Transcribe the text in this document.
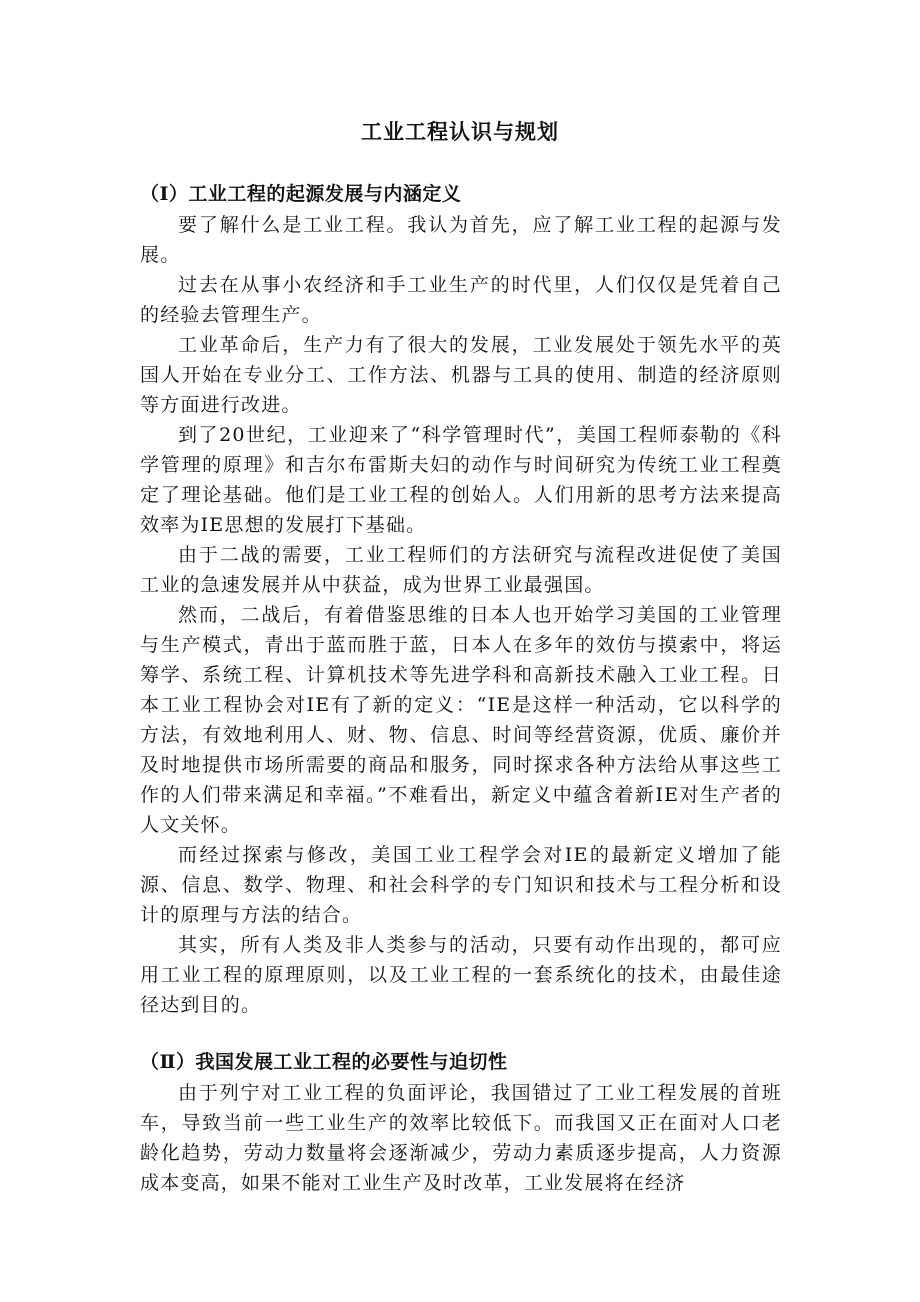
工业工程认识与规划
（Ⅰ）工业工程的起源发展与内涵定义

要了解什么是工业工程。我认为首先，应了解工业工程的起源与发展。

过去在从事小农经济和手工业生产的时代里，人们仅仅是凭着自己的经验去管理生产。

工业革命后，生产力有了很大的发展，工业发展处于领先水平的英国人开始在专业分工、工作方法、机器与工具的使用、制造的经济原则等方面进行改进。

到了20世纪，工业迎来了“科学管理时代”，美国工程师泰勒的《科学管理的原理》和吉尔布雷斯夫妇的动作与时间研究为传统工业工程奠定了理论基础。他们是工业工程的创始人。人们用新的思考方法来提高效率为IE思想的发展打下基础。

由于二战的需要，工业工程师们的方法研究与流程改进促使了美国工业的急速发展并从中获益，成为世界工业最强国。

然而，二战后，有着借鉴思维的日本人也开始学习美国的工业管理与生产模式，青出于蓝而胜于蓝，日本人在多年的效仿与摸索中，将运筹学、系统工程、计算机技术等先进学科和高新技术融入工业工程。日本工业工程协会对IE有了新的定义：“IE是这样一种活动，它以科学的方法，有效地利用人、财、物、信息、时间等经营资源，优质、廉价并及时地提供市场所需要的商品和服务，同时探求各种方法给从事这些工作的人们带来满足和幸福。”不难看出，新定义中蕴含着新IE对生产者的人文关怀。

而经过探索与修改，美国工业工程学会对IE的最新定义增加了能源、信息、数学、物理、和社会科学的专门知识和技术与工程分析和设计的原理与方法的结合。

其实，所有人类及非人类参与的活动，只要有动作出现的，都可应用工业工程的原理原则，以及工业工程的一套系统化的技术，由最佳途径达到目的。

（Ⅱ）我国发展工业工程的必要性与迫切性

由于列宁对工业工程的负面评论，我国错过了工业工程发展的首班车，导致当前一些工业生产的效率比较低下。而我国又正在面对人口老龄化趋势，劳动力数量将会逐渐减少，劳动力素质逐步提高，人力资源成本变高，如果不能对工业生产及时改革，工业发展将在经济
